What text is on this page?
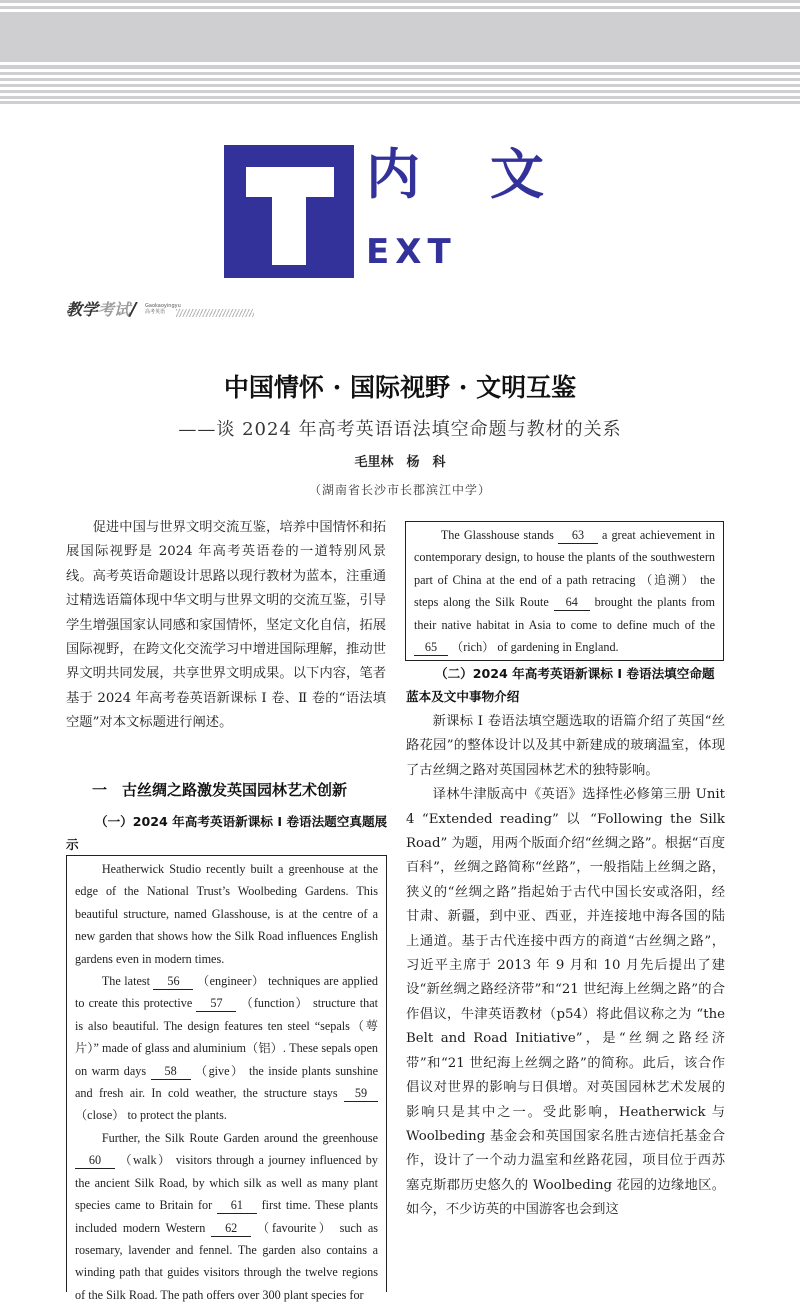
内文
EXT
教学考试/ Gaokaoyingyu
高考英语
中国情怀 · 国际视野 · 文明互鉴
——谈 2024 年高考英语语法填空命题与教材的关系
毛里林　杨　科
（湖南省长沙市长郡滨江中学）

促进中国与世界文明交流互鉴，培养中国情怀和拓展国际视野是 2024 年高考英语卷的一道特别风景线。高考英语命题设计思路以现行教材为蓝本，注重通过精选语篇体现中华文明与世界文明的交流互鉴，引导学生增强国家认同感和家国情怀，坚定文化自信，拓展国际视野，在跨文化交流学习中增进国际理解，推动世界文明共同发展，共享世界文明成果。以下内容，笔者基于 2024 年高考卷英语新课标 Ⅰ 卷、Ⅱ 卷的“语法填空题”对本文标题进行阐述。

一　古丝绸之路激发英国园林艺术创新

（一）2024 年高考英语新课标 Ⅰ 卷语法题空真题展示

Heatherwick Studio recently built a greenhouse at the edge of the National Trust’s Woolbeding Gardens. This beautiful structure, named Glasshouse, is at the centre of a new garden that shows how the Silk Road influences English gardens even in modern times.

The latest 56 （engineer） techniques are applied to create this protective 57 （function） structure that is also beautiful. The design features ten steel “sepals（萼片）” made of glass and aluminium（铝）. These sepals open on warm days 58 （give） the inside plants sunshine and fresh air. In cold weather, the structure stays 59 （close） to protect the plants.

Further, the Silk Route Garden around the greenhouse 60 （walk） visitors through a journey influenced by the ancient Silk Road, by which silk as well as many plant species came to Britain for 61 first time. These plants included modern Western 62 （favourite） such as rosemary, lavender and fennel. The garden also contains a winding path that guides visitors through the twelve regions of the Silk Road. The path offers over 300 plant species for

The Glasshouse stands 63 a great achievement in contemporary design, to house the plants of the southwestern part of China at the end of a path retracing （追溯） the steps along the Silk Route 64 brought the plants from their native habitat in Asia to come to define much of the 65 （rich） of gardening in England.

（二）2024 年高考英语新课标 Ⅰ 卷语法填空命题蓝本及文中事物介绍

新课标 Ⅰ 卷语法填空题选取的语篇介绍了英国“丝路花园”的整体设计以及其中新建成的玻璃温室，体现了古丝绸之路对英国园林艺术的独特影响。

译林牛津版高中《英语》选择性必修第三册 Unit 4 “Extended reading” 以 “Following the Silk Road” 为题，用两个版面介绍“丝绸之路”。根据“百度百科”，丝绸之路简称“丝路”，一般指陆上丝绸之路，狭义的“丝绸之路”指起始于古代中国长安或洛阳，经甘肃、新疆，到中亚、西亚，并连接地中海各国的陆上通道。基于古代连接中西方的商道“古丝绸之路”，习近平主席于 2013 年 9 月和 10 月先后提出了建设“新丝绸之路经济带”和“21 世纪海上丝绸之路”的合作倡议，牛津英语教材（p54）将此倡议称之为 “the Belt and Road Initiative”，是“丝绸之路经济带”和“21 世纪海上丝绸之路”的简称。此后，该合作倡议对世界的影响与日俱增。对英国园林艺术发展的影响只是其中之一。受此影响，Heatherwick 与 Woolbeding 基金会和英国国家名胜古迹信托基金合作，设计了一个动力温室和丝路花园，项目位于西苏塞克斯郡历史悠久的 Woolbeding 花园的边缘地区。如今，不少访英的中国游客也会到这
